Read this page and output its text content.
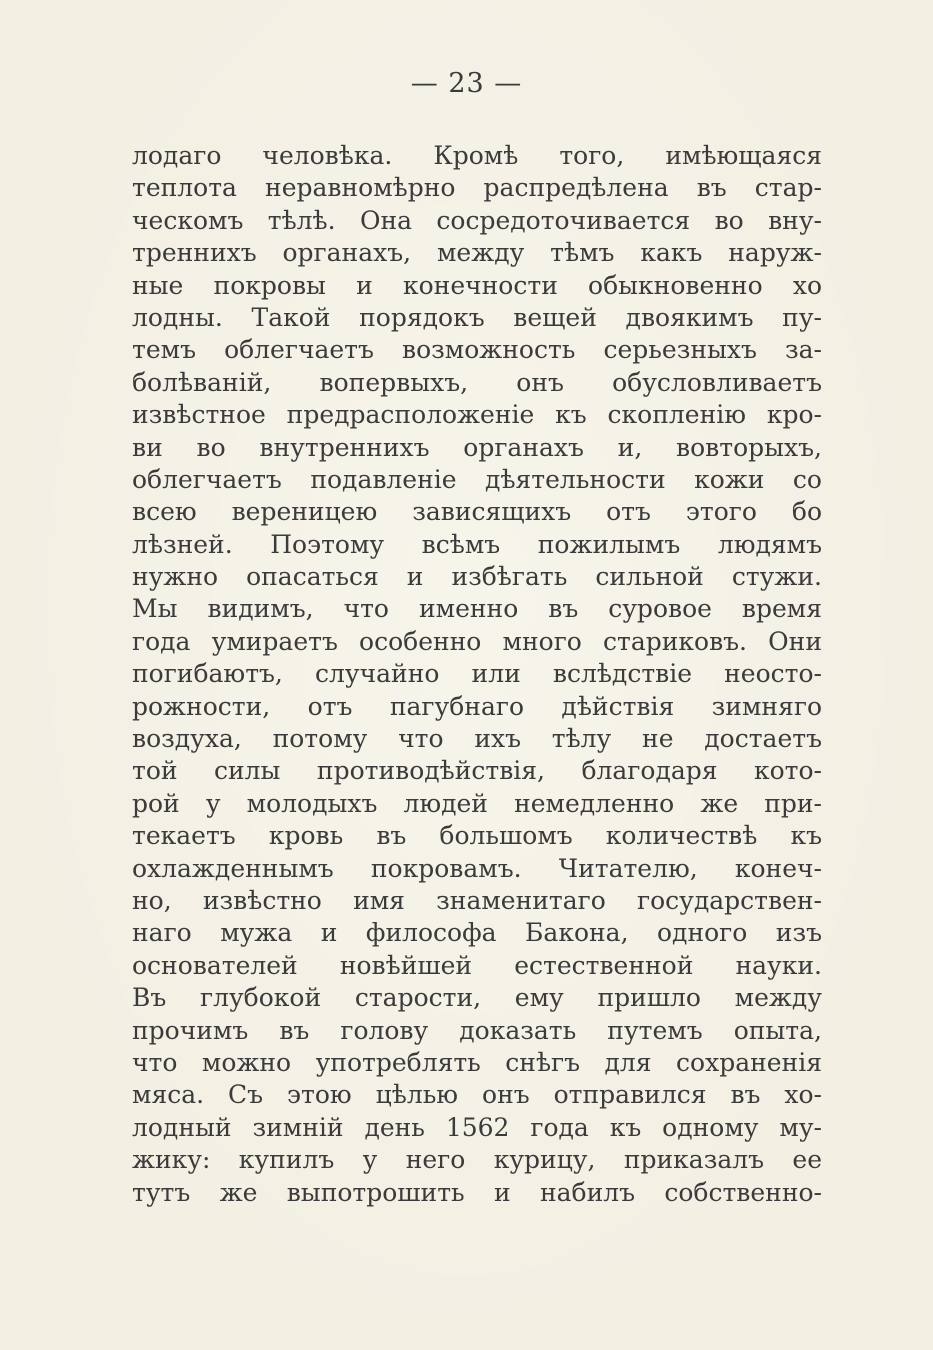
— 23 —
лодаго человѣка. Кромѣ того, имѣющаяся
теплота неравномѣрно распредѣлена въ стар-
ческомъ тѣлѣ. Она сосредоточивается во вну-
треннихъ органахъ, между тѣмъ какъ наруж-
ные покровы и конечности обыкновенно хо
лодны. Такой порядокъ вещей двоякимъ пу-
темъ облегчаетъ возможность серьезныхъ за-
болѣваній, вопервыхъ, онъ обусловливаетъ
извѣстное предрасположеніе къ скопленію кро-
ви во внутреннихъ органахъ и, вовторыхъ,
облегчаетъ подавленіе дѣятельности кожи со
всею вереницею зависящихъ отъ этого бо
лѣзней. Поэтому всѣмъ пожилымъ людямъ
нужно опасаться и избѣгать сильной стужи.
Мы видимъ, что именно въ суровое время
года умираетъ особенно много стариковъ. Они
погибаютъ, случайно или вслѣдствіе неосто-
рожности, отъ пагубнаго дѣйствія зимняго
воздуха, потому что ихъ тѣлу не достаетъ
той силы противодѣйствія, благодаря кото-
рой у молодыхъ людей немедленно же при-
текаетъ кровь въ большомъ количествѣ къ
охлажденнымъ покровамъ. Читателю, конеч-
но, извѣстно имя знаменитаго государствен-
наго мужа и философа Бакона, одного изъ
основателей новѣйшей естественной науки.
Въ глубокой старости, ему пришло между
прочимъ въ голову доказать путемъ опыта,
что можно употреблять снѣгъ для сохраненія
мяса. Съ этою цѣлью онъ отправился въ хо-
лодный зимній день 1562 года къ одному му-
жику: купилъ у него курицу, приказалъ ее
тутъ же выпотрошить и набилъ собственно-
